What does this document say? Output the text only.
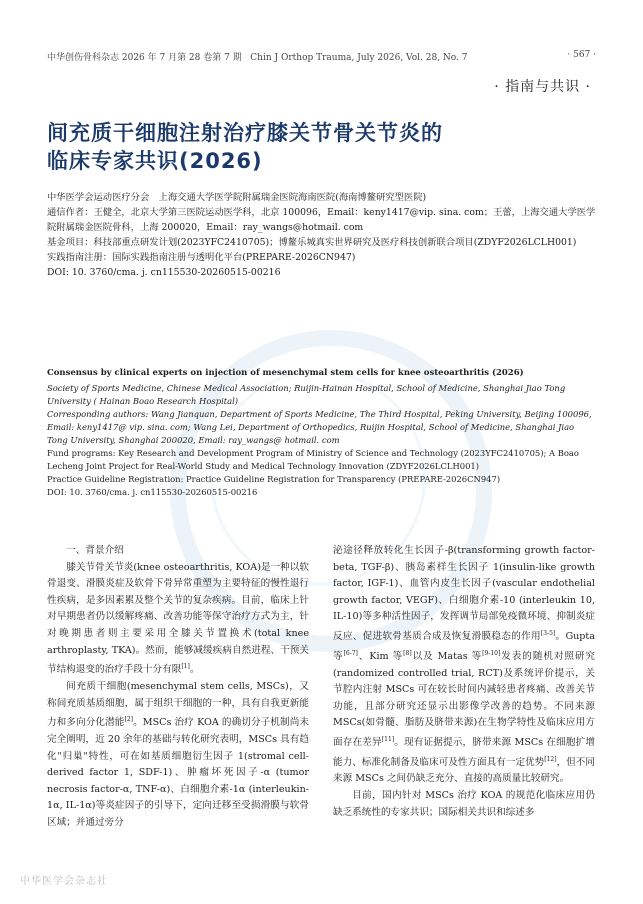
中华创伤骨科杂志 2026 年 7 月第 28 卷第 7 期 Chin J Orthop Trauma, July 2026, Vol. 28, No. 7	· 567 ·
· 指南与共识 ·
间充质干细胞注射治疗膝关节骨关节炎的
临床专家共识(2026)

中华医学会运动医疗分会　上海交通大学医学院附属瑞金医院海南医院(海南博鳌研究型医院)

通信作者：王健全，北京大学第三医院运动医学科，北京 100096，Email：keny1417@vip. sina. com；王蕾，上海交通大学医学院附属瑞金医院骨科，上海 200020，Email：ray_wangs@hotmail. com

基金项目：科技部重点研发计划(2023YFC2410705)；博鳌乐城真实世界研究及医疗科技创新联合项目(ZDYF2026LCLH001)

实践指南注册：国际实践指南注册与透明化平台(PREPARE-2026CN947)

DOI: 10. 3760/cma. j. cn115530-20260515-00216

Consensus by clinical experts on injection of mesenchymal stem cells for knee osteoarthritis (2026)

Society of Sports Medicine, Chinese Medical Association; Ruijin-Hainan Hospital, School of Medicine, Shanghai Jiao Tong University ( Hainan Boao Research Hospital)

Corresponding authors: Wang Jianquan, Department of Sports Medicine, The Third Hospital, Peking University, Beijing 100096, Email: keny1417@ vip. sina. com; Wang Lei, Department of Orthopedics, Ruijin Hospital, School of Medicine, Shanghai Jiao Tong University, Shanghai 200020, Email: ray_wangs@ hotmail. com

Fund programs: Key Research and Development Program of Ministry of Science and Technology (2023YFC2410705); A Boao Lecheng Joint Project for Real-World Study and Medical Technology Innovation (ZDYF2026LCLH001)

Practice Guideline Registration: Practice Guideline Registration for Transparency (PREPARE-2026CN947)

DOI: 10. 3760/cma. j. cn115530-20260515-00216

一、背景介绍

膝关节骨关节炎(knee osteoarthritis, KOA)是一种以软骨退变、滑膜炎症及软骨下骨异常重塑为主要特征的慢性退行性疾病，是多因素累及整个关节的复杂疾病。目前，临床上针对早期患者仍以缓解疼痛、改善功能等保守治疗方式为主，针对晚期患者则主要采用全膝关节置换术(total knee arthroplasty, TKA)。然而，能够减缓疾病自然进程、干预关节结构退变的治疗手段十分有限[1]。

间充质干细胞(mesenchymal stem cells, MSCs)，又称间充质基质细胞，属于组织干细胞的一种，具有自我更新能力和多向分化潜能[2]。MSCs 治疗 KOA 的确切分子机制尚未完全阐明，近 20 余年的基础与转化研究表明，MSCs 具有趋化"归巢"特性，可在如基质细胞衍生因子 1(stromal cell-derived factor 1, SDF-1)、肿瘤坏死因子-α (tumor necrosis factor-α, TNF-α)、白细胞介素-1α (interleukin-1α, IL-1α)等炎症因子的引导下，定向迁移至受损滑膜与软骨区域；并通过旁分

泌途径释放转化生长因子-β(transforming growth factor-beta, TGF-β)、胰岛素样生长因子 1(insulin-like growth factor, IGF-1)、血管内皮生长因子(vascular endothelial growth factor, VEGF)、白细胞介素-10 (interleukin 10, IL-10)等多种活性因子，发挥调节局部免疫微环境、抑制炎症反应、促进软骨基质合成及恢复滑膜稳态的作用[3-5]。Gupta 等[6-7]、Kim 等[8]以及 Matas 等[9-10]发表的随机对照研究(randomized controlled trial, RCT)及系统评价提示，关节腔内注射 MSCs 可在较长时间内减轻患者疼痛、改善关节功能，且部分研究还显示出影像学改善的趋势。不同来源 MSCs(如骨髓、脂肪及脐带来源)在生物学特性及临床应用方面存在差异[11]。现有证据提示，脐带来源 MSCs 在细胞扩增能力、标准化制备及临床可及性方面具有一定优势[12]，但不同来源 MSCs 之间仍缺乏充分、直接的高质量比较研究。

目前，国内针对 MSCs 治疗 KOA 的规范化临床应用仍缺乏系统性的专家共识；国际相关共识和综述多

中华医学会杂志社
